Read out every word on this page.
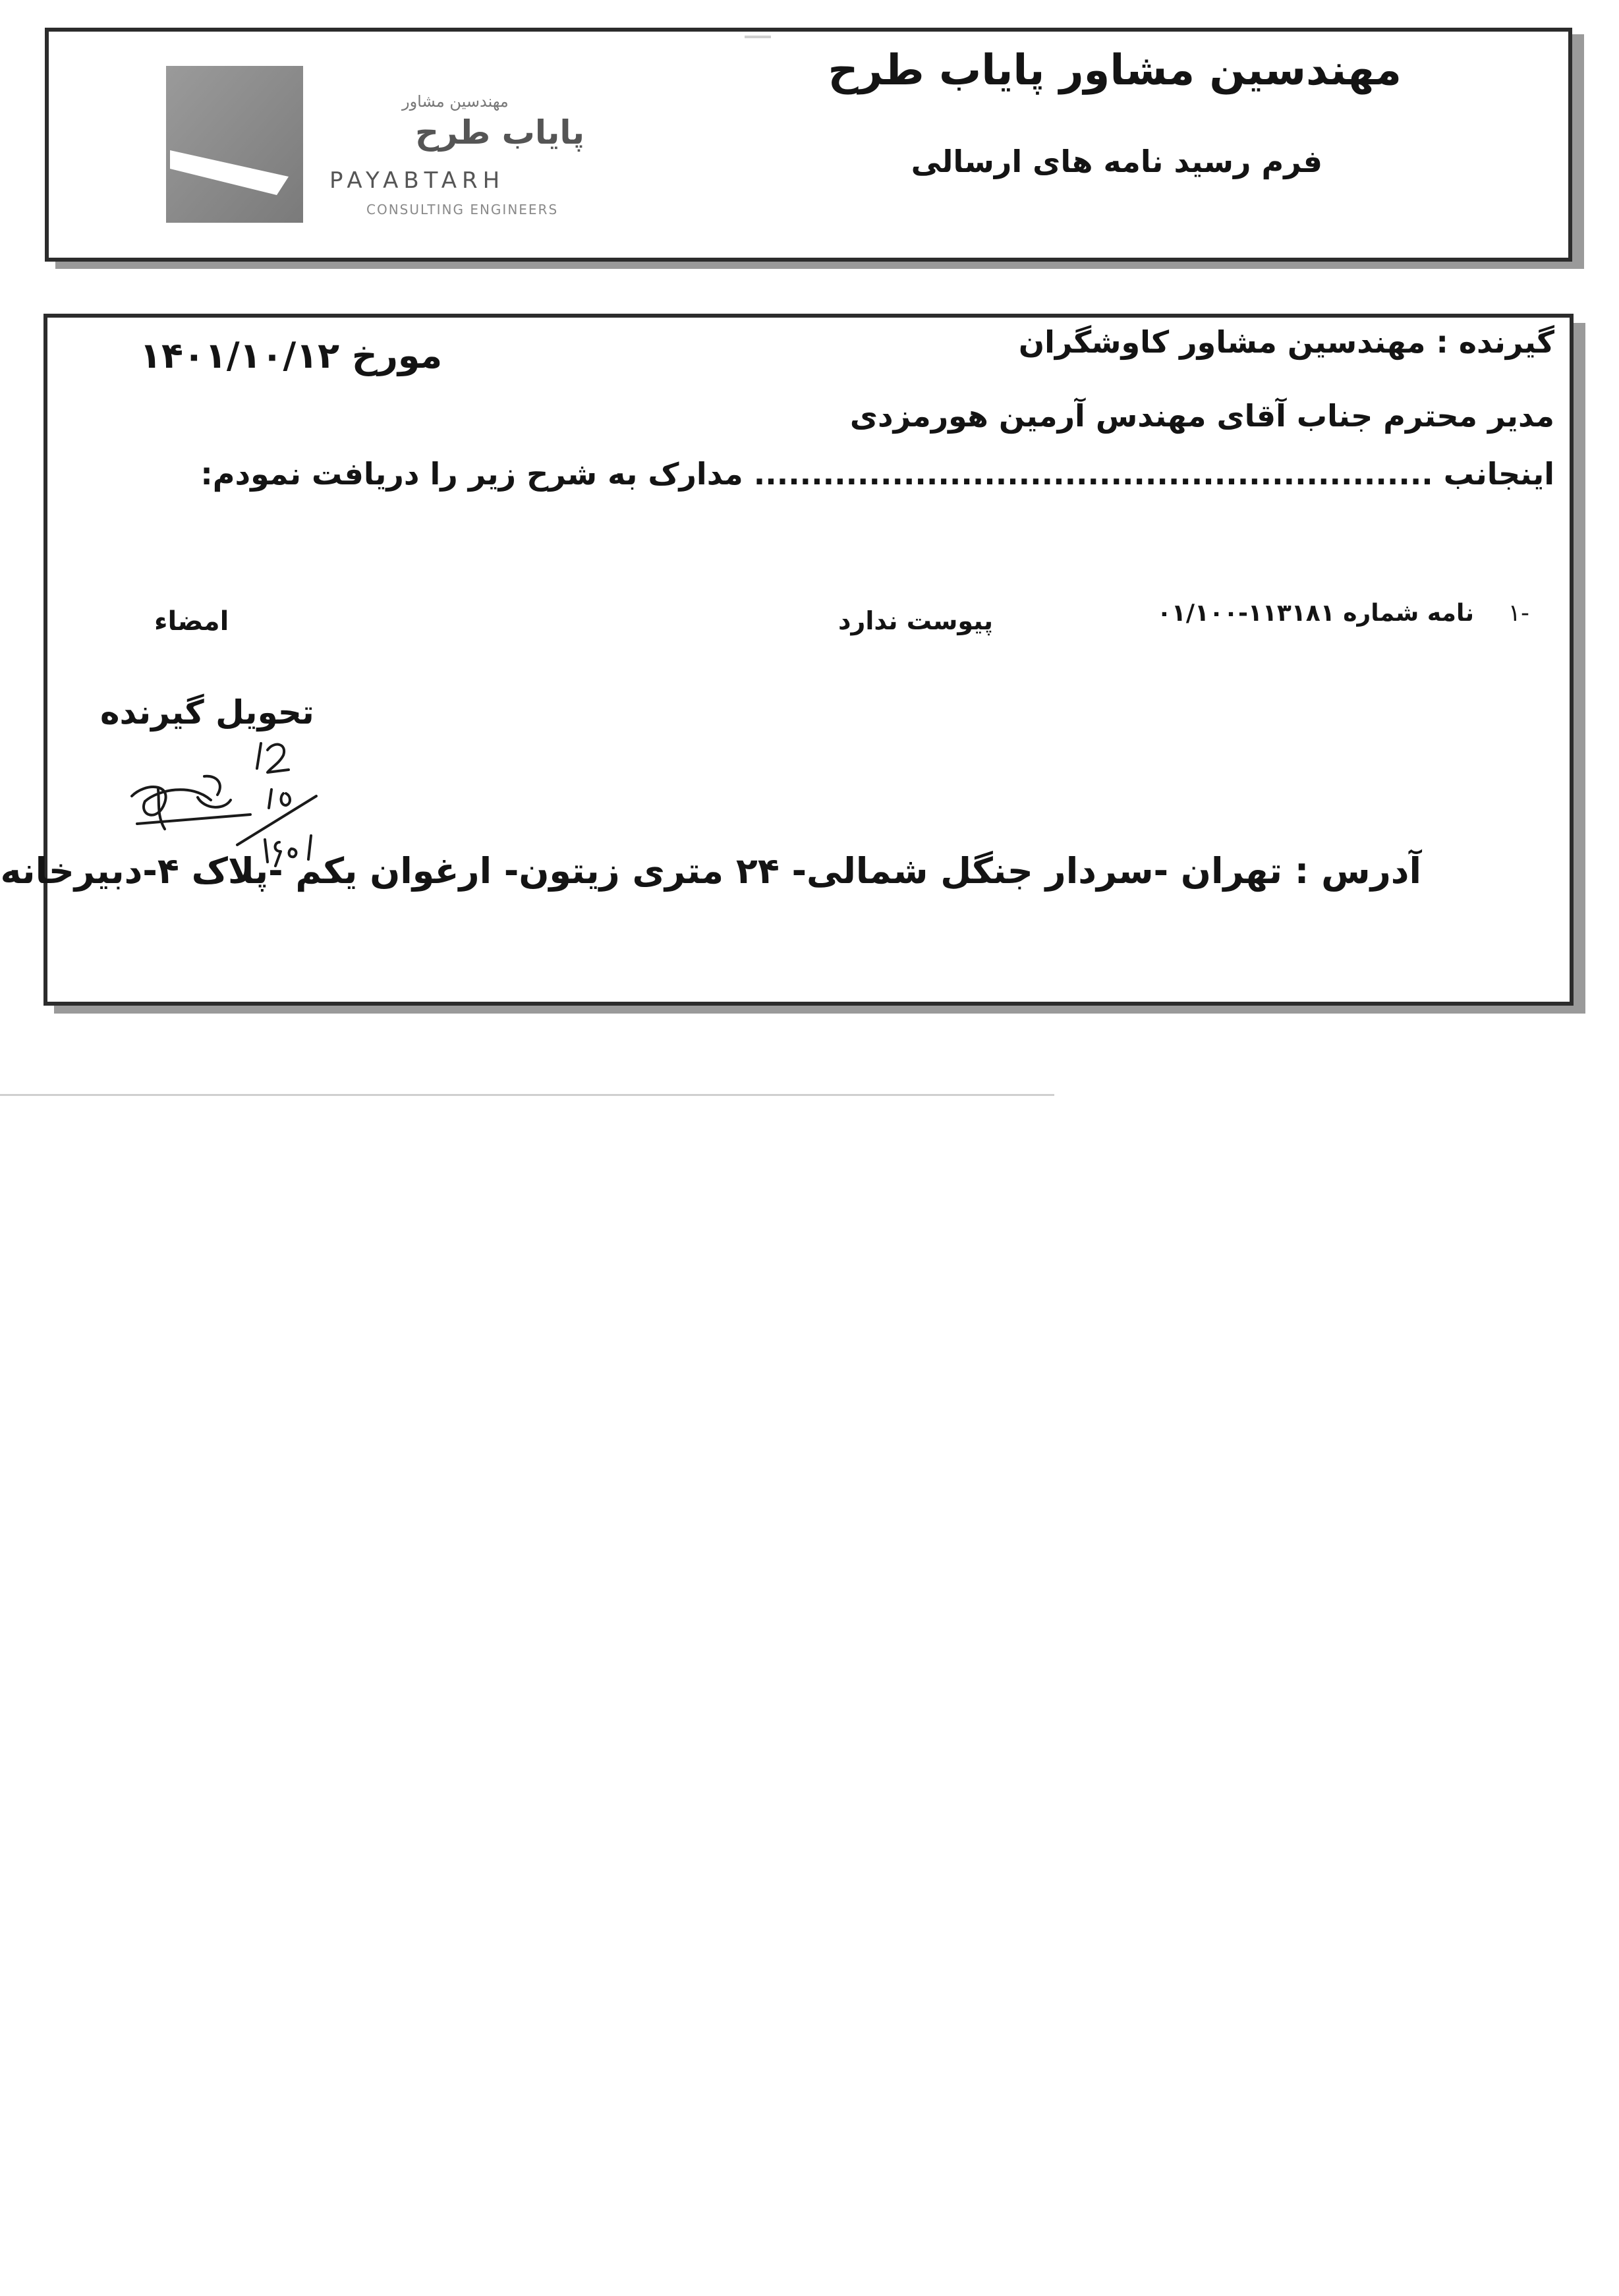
مهندسین مشاور پایاب طرح
فرم رسید نامه های ارسالی
مهندسین مشاور
پایاب طرح
PAYABTARH
CONSULTING ENGINEERS
گیرنده : مهندسین مشاور کاوشگران
مورخ ۱۴۰۱/۱۰/۱۲
مدیر محترم جناب آقای مهندس آرمین هورمزدی
اینجانب ........................................................... مدارک به شرح زیر را دریافت نمودم:
۱-
نامه شماره ۱۱۳۱۸۱-۰۱/۱۰۰
پیوست ندارد
امضاء
تحویل گیرنده
آدرس : تهران -سردار جنگل شمالی- ۲۴ متری زیتون- ارغوان یکم -پلاک ۴-دبیرخانه
